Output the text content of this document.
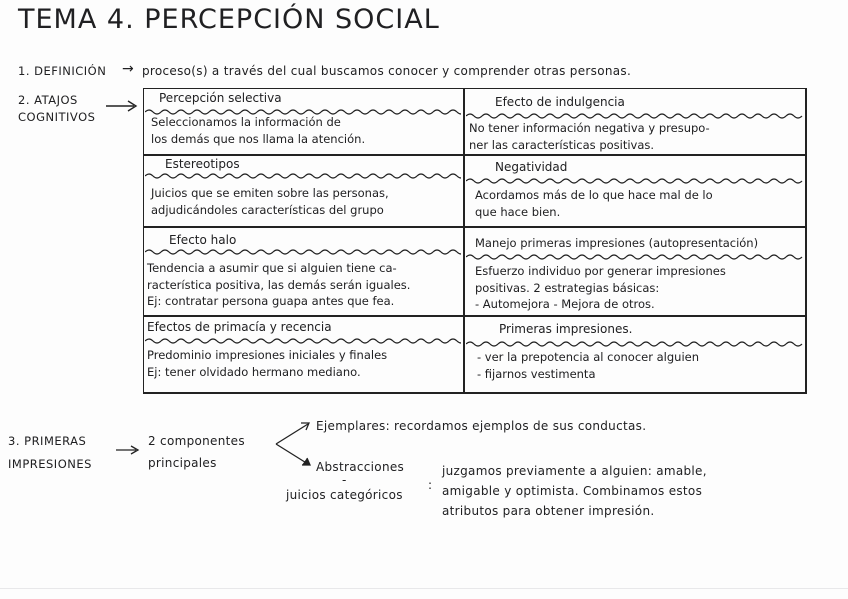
TEMA 4. PERCEPCIÓN SOCIAL
1. DEFINICIÓN → proceso(s) a través del cual buscamos conocer y comprender otras personas.
2. ATAJOS
COGNITIVOS
Percepción selectiva
Seleccionamos la información de
los demás que nos llama la atención.
Efecto de indulgencia
No tener información negativa y presupo-
ner las características positivas.
Estereotipos
Juicios que se emiten sobre las personas,
adjudicándoles características del grupo
Negatividad
Acordamos más de lo que hace mal de lo
que hace bien.
Efecto halo
Tendencia a asumir que si alguien tiene ca-
racterística positiva, las demás serán iguales.
Ej: contratar persona guapa antes que fea.
Manejo primeras impresiones (autopresentación)
Esfuerzo individuo por generar impresiones
positivas. 2 estrategias básicas:
- Automejora - Mejora de otros.
Efectos de primacía y recencia
Predominio impresiones iniciales y finales
Ej: tener olvidado hermano mediano.
Primeras impresiones.
- ver la prepotencia al conocer alguien
- fijarnos vestimenta
3. PRIMERAS
IMPRESIONES
2 componentes
principales
Ejemplares: recordamos ejemplos de sus conductas.
Abstracciones
-
juicios categóricos
:
juzgamos previamente a alguien: amable,
amigable y optimista. Combinamos estos
atributos para obtener impresión.
